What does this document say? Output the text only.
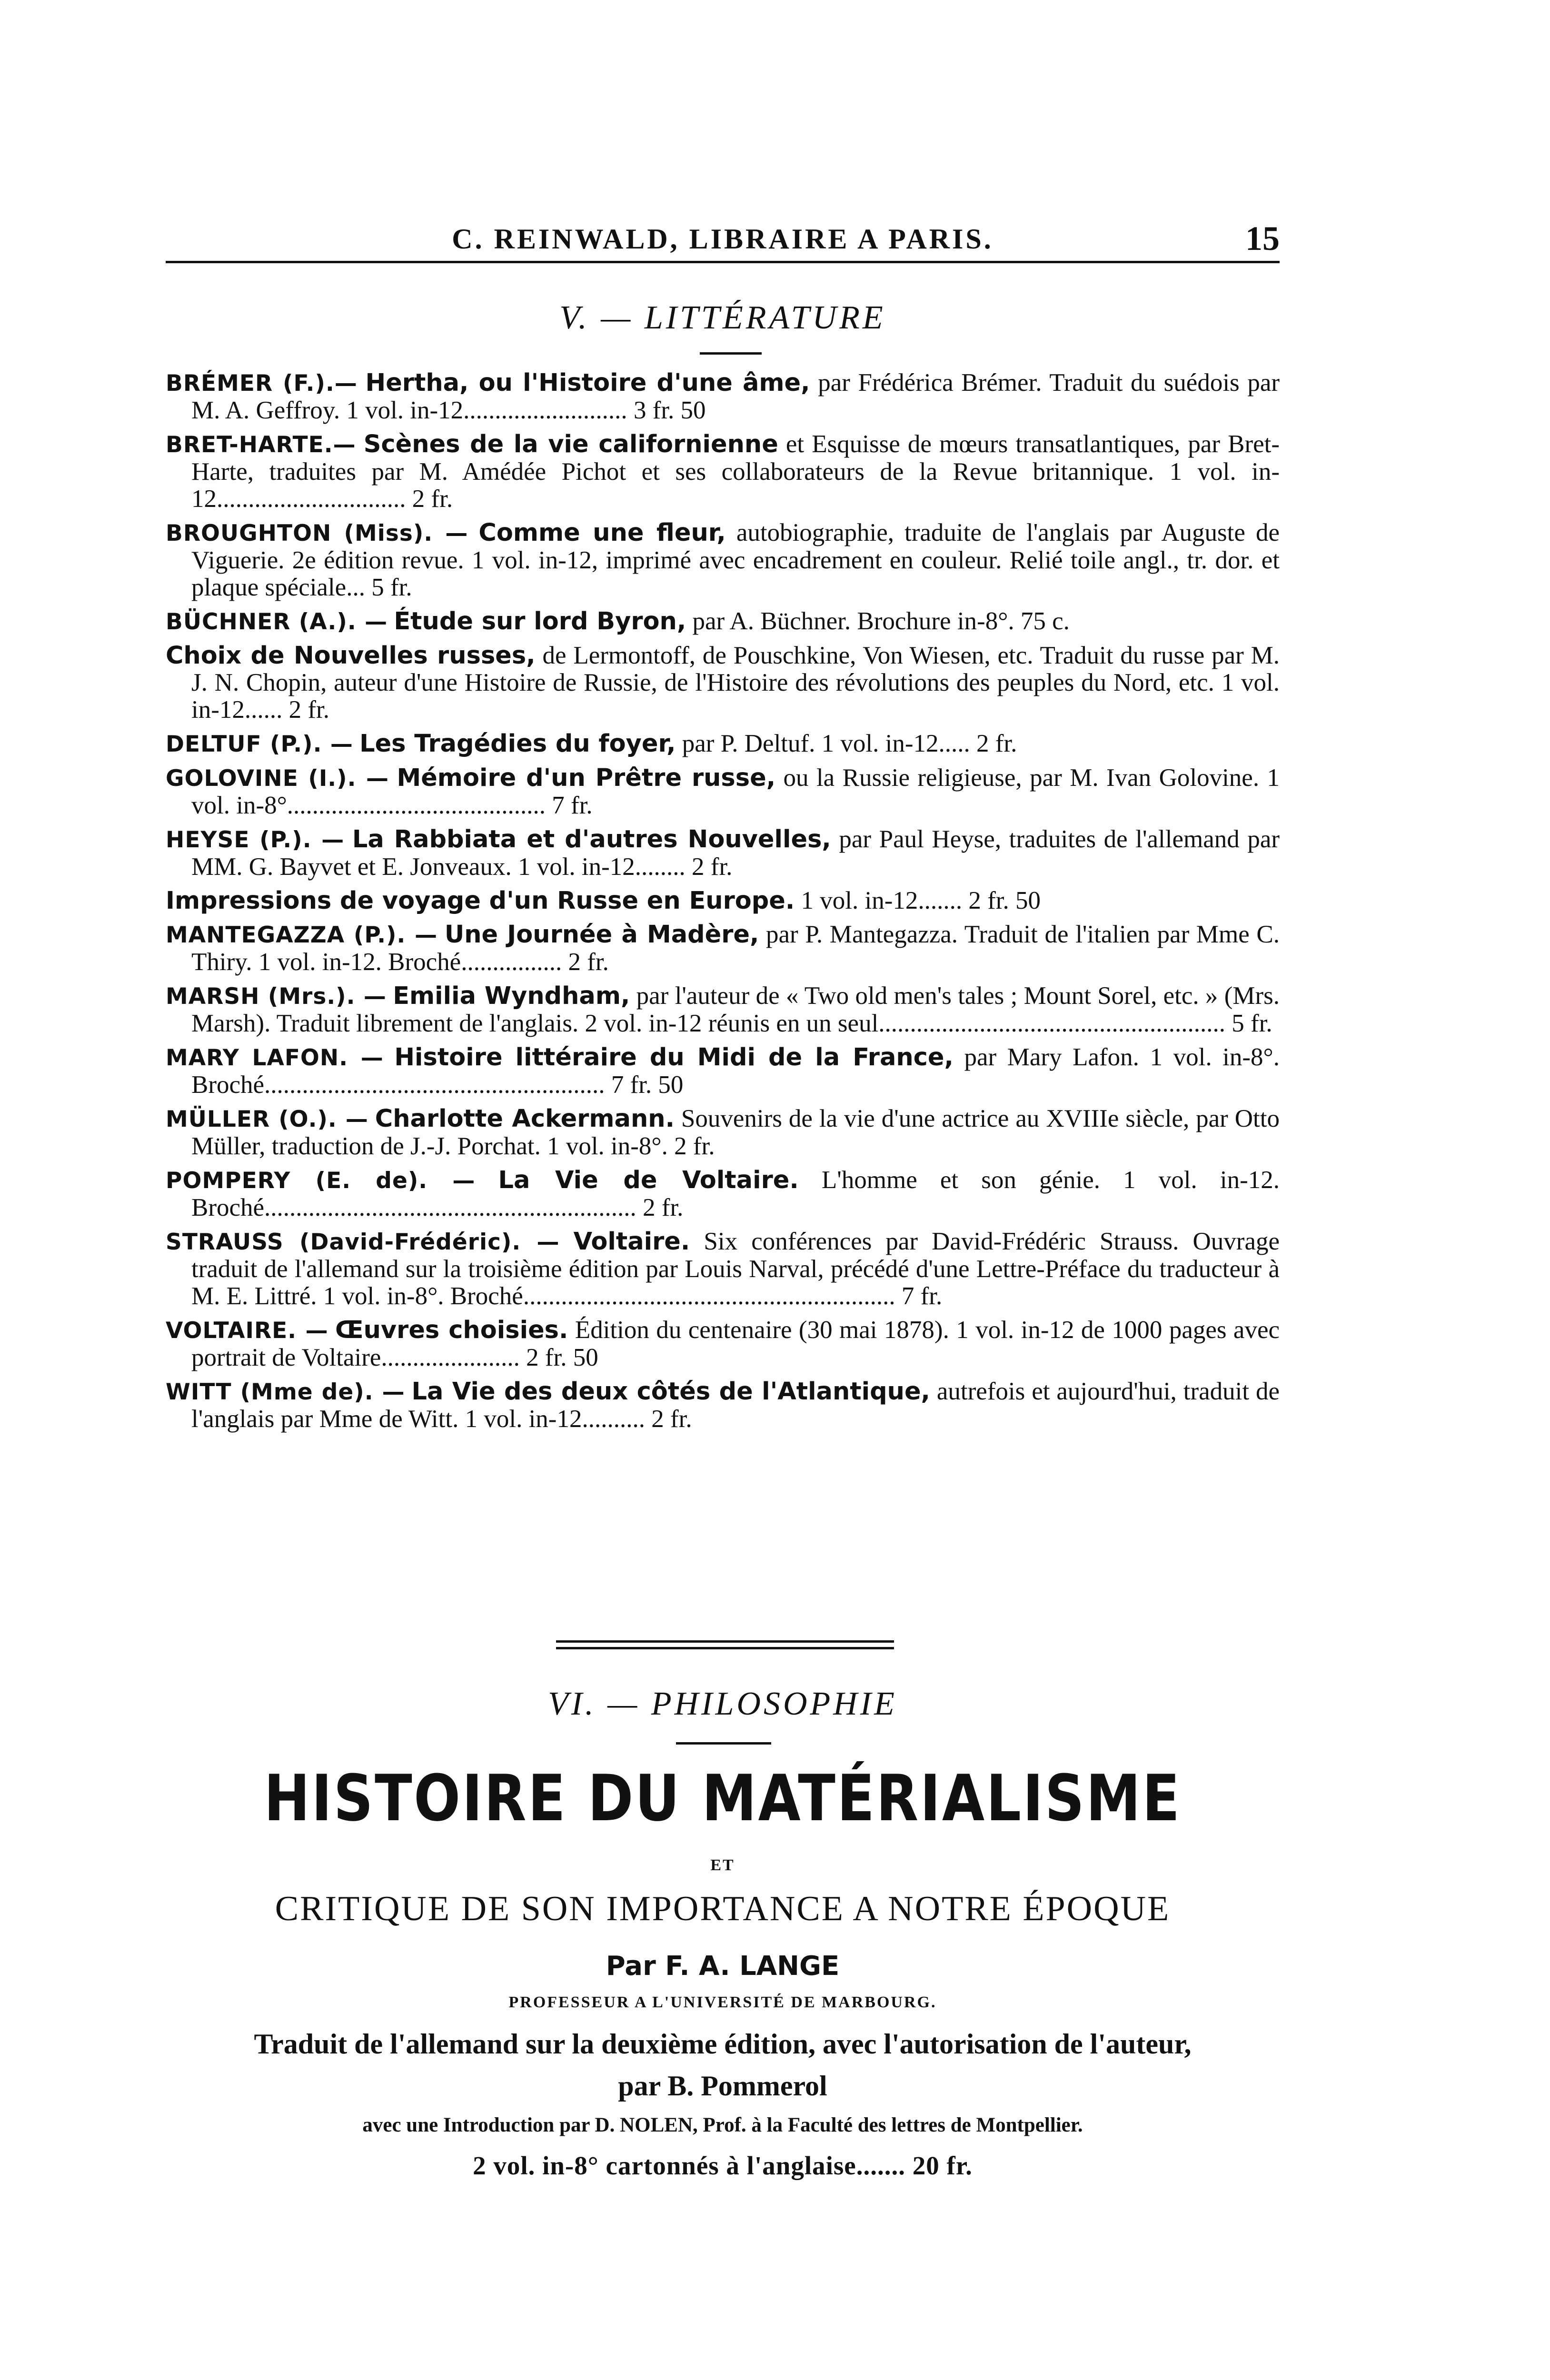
C. REINWALD, LIBRAIRE A PARIS.	15
V. — LITTÉRATURE

BRÉMER (F.).— Hertha, ou l'Histoire d'une âme, par Frédérica Brémer. Traduit du suédois par M. A. Geffroy. 1 vol. in-12.......................... 3 fr. 50

BRET-HARTE.— Scènes de la vie californienne et Esquisse de mœurs transatlantiques, par Bret-Harte, traduites par M. Amédée Pichot et ses collaborateurs de la Revue britannique. 1 vol. in-12.............................. 2 fr.

BROUGHTON (Miss). — Comme une fleur, autobiographie, traduite de l'anglais par Auguste de Viguerie. 2e édition revue. 1 vol. in-12, imprimé avec encadrement en couleur. Relié toile angl., tr. dor. et plaque spéciale... 5 fr.

BÜCHNER (A.). — Étude sur lord Byron, par A. Büchner. Brochure in-8°. 75 c.

Choix de Nouvelles russes, de Lermontoff, de Pouschkine, Von Wiesen, etc. Traduit du russe par M. J. N. Chopin, auteur d'une Histoire de Russie, de l'Histoire des révolutions des peuples du Nord, etc. 1 vol. in-12...... 2 fr.

DELTUF (P.). — Les Tragédies du foyer, par P. Deltuf. 1 vol. in-12..... 2 fr.

GOLOVINE (I.). — Mémoire d'un Prêtre russe, ou la Russie religieuse, par M. Ivan Golovine. 1 vol. in-8°......................................... 7 fr.

HEYSE (P.). — La Rabbiata et d'autres Nouvelles, par Paul Heyse, traduites de l'allemand par MM. G. Bayvet et E. Jonveaux. 1 vol. in-12........ 2 fr.

Impressions de voyage d'un Russe en Europe. 1 vol. in-12....... 2 fr. 50

MANTEGAZZA (P.). — Une Journée à Madère, par P. Mantegazza. Traduit de l'italien par Mme C. Thiry. 1 vol. in-12. Broché................ 2 fr.

MARSH (Mrs.). — Emilia Wyndham, par l'auteur de « Two old men's tales ; Mount Sorel, etc. » (Mrs. Marsh). Traduit librement de l'anglais. 2 vol. in-12 réunis en un seul....................................................... 5 fr.

MARY LAFON. — Histoire littéraire du Midi de la France, par Mary Lafon. 1 vol. in-8°. Broché...................................................... 7 fr. 50

MÜLLER (O.). — Charlotte Ackermann. Souvenirs de la vie d'une actrice au XVIIIe siècle, par Otto Müller, traduction de J.-J. Porchat. 1 vol. in-8°. 2 fr.

POMPERY (E. de). — La Vie de Voltaire. L'homme et son génie. 1 vol. in-12. Broché........................................................... 2 fr.

STRAUSS (David-Frédéric). — Voltaire. Six conférences par David-Frédéric Strauss. Ouvrage traduit de l'allemand sur la troisième édition par Louis Narval, précédé d'une Lettre-Préface du traducteur à M. E. Littré. 1 vol. in-8°. Broché........................................................... 7 fr.

VOLTAIRE. — Œuvres choisies. Édition du centenaire (30 mai 1878). 1 vol. in-12 de 1000 pages avec portrait de Voltaire...................... 2 fr. 50

WITT (Mme de). — La Vie des deux côtés de l'Atlantique, autrefois et aujourd'hui, traduit de l'anglais par Mme de Witt. 1 vol. in-12.......... 2 fr.

VI. — PHILOSOPHIE
HISTOIRE DU MATÉRIALISME
ET
CRITIQUE DE SON IMPORTANCE A NOTRE ÉPOQUE
Par F. A. LANGE
PROFESSEUR A L'UNIVERSITÉ DE MARBOURG.
Traduit de l'allemand sur la deuxième édition, avec l'autorisation de l'auteur,
par B. Pommerol
avec une Introduction par D. NOLEN, Prof. à la Faculté des lettres de Montpellier.
2 vol. in-8° cartonnés à l'anglaise....... 20 fr.
